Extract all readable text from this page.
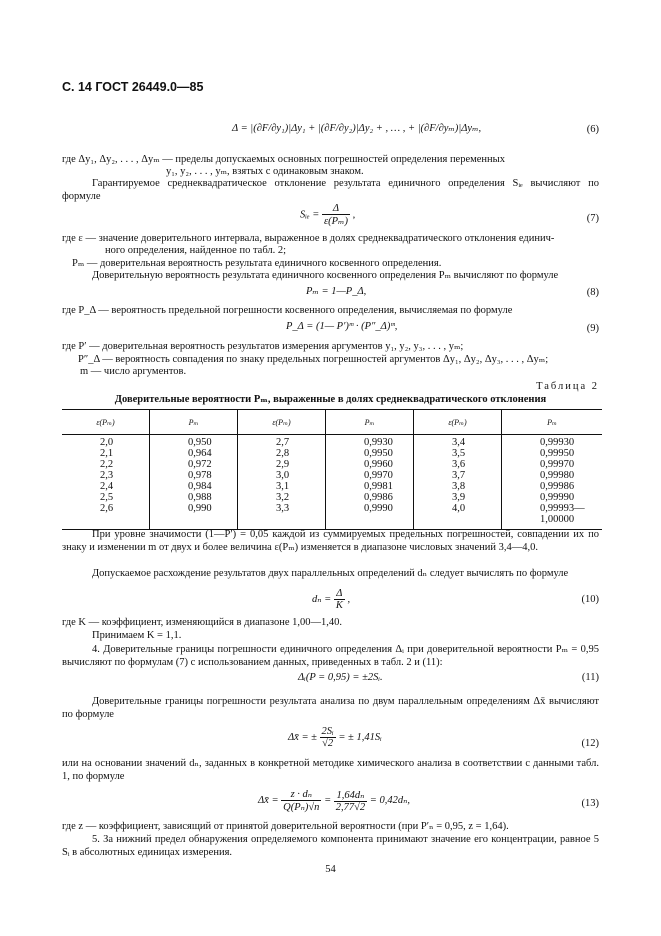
С. 14 ГОСТ 26449.0—85
Δ = |(∂F/∂y₁)|Δy₁ + |(∂F/∂y₂)|Δy₂ + , … , + |(∂F/∂yₘ)|Δyₘ,	(6)
где Δy₁, Δy₂, . . . , Δyₘ — пределы допускаемых основных погрешностей определения переменных
y₁, y₂, . . . , yₘ, взятых с одинаковым знаком.
Гарантируемое среднеквадратическое отклонение результата единичного определения Sᵢₑ вычисляют по формуле
Sᵢₑ = $\frac{\Delta}{\text{ε(Pₘ)}}$ ,	(7)
где ε — значение доверительного интервала, выраженное в долях среднеквадратического отклонения единич-
ного определения, найденное по табл. 2;
Pₘ — доверительная вероятность результата единичного косвенного определения.
Доверительную вероятность результата единичного косвенного определения Pₘ вычисляют по формуле
Pₘ = 1—P_Δ,	(8)
где P_Δ — вероятность предельной погрешности косвенного определения, вычисляемая по формуле
P_Δ = (1— P′)ᵐ · (P″_Δ)ᵐ,	(9)
где P′ — доверительная вероятность результатов измерения аргументов y₁, y₂, y₃, . . . , yₘ;
P″_Δ — вероятность совпадения по знаку предельных погрешностей аргументов Δy₁, Δy₂, Δy₃, . . . , Δyₘ;
m — число аргументов.
Таблица 2
Доверительные вероятности Pₘ, выраженные в долях среднеквадратического отклонения
ε(Pₘ)	Pₘ	ε(Pₘ)	Pₘ	ε(Pₘ)	Pₘ
2,0	0,950	2,7	0,9930	3,4	0,99930
2,1	0,964	2,8	0,9950	3,5	0,99950
2,2	0,972	2,9	0,9960	3,6	0,99970
2,3	0,978	3,0	0,9970	3,7	0,99980
2,4	0,984	3,1	0,9981	3,8	0,99986
2,5	0,988	3,2	0,9986	3,9	0,99990
2,6	0,990	3,3	0,9990	4,0	0,99993—1,00000
При уровне значимости (1—P′) = 0,05 каждой из суммируемых предельных погрешностей, совпадении их по знаку и изменении m от двух и более величина ε(Pₘ) изменяется в диапазоне числовых значений 3,4—4,0.
Допускаемое расхождение результатов двух параллельных определений dₙ следует вычислять по формуле
$d_n = \frac{\Delta}{K}$ ,	(10)
где K — коэффициент, изменяющийся в диапазоне 1,00—1,40.
Принимаем K = 1,1.
4. Доверительные границы погрешности единичного определения Δᵢ при доверительной вероятности Pₘ = 0,95 вычисляют по формулам (7) с использованием данных, приведенных в табл. 2 и (11):
Δᵢ(P = 0,95) = ±2Sᵢ.	(11)
Доверительные границы погрешности результата анализа по двум параллельным определениям Δx̄ вычисляют по формуле
Δx̄ = ± $\frac{\text{2Sᵢ}}{√2}$ = ± 1,41Sᵢ
(12)
или на основании значений dₙ, заданных в конкретной методике химического анализа в соответствии с данными табл. 1, по формуле
Δx̄ = $\frac{\text{z · dₙ}}{\text{Q(Pₙ)√n}} = \frac{\text{1,64dₙ}}{2,77√2} = 0,42d_n$,	(13)
где z — коэффициент, зависящий от принятой доверительной вероятности (при P′ₙ = 0,95, z = 1,64).
5. За нижний предел обнаружения определяемого компонента принимают значение его концентрации, равное 5 Sᵢ в абсолютных единицах измерения.
54
